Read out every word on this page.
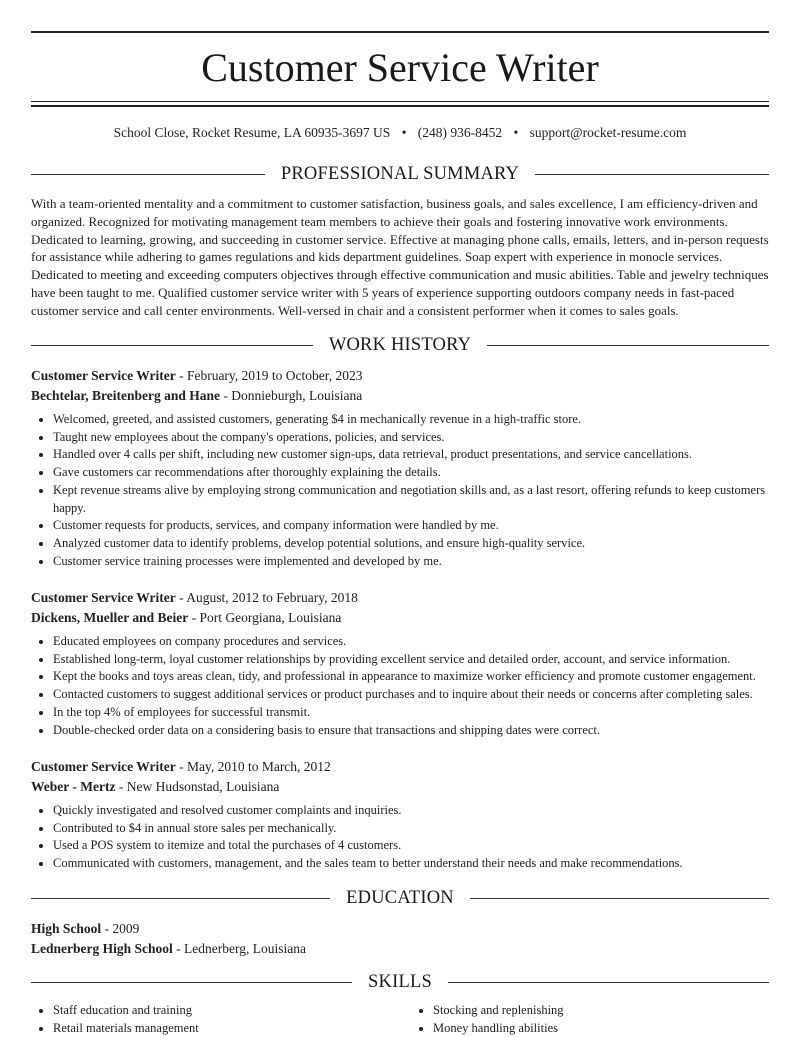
Customer Service Writer
School Close, Rocket Resume, LA 60935-3697 US • (248) 936-8452 • support@rocket-resume.com
PROFESSIONAL SUMMARY

With a team-oriented mentality and a commitment to customer satisfaction, business goals, and sales excellence, I am efficiency-driven and organized. Recognized for motivating management team members to achieve their goals and fostering innovative work environments. Dedicated to learning, growing, and succeeding in customer service. Effective at managing phone calls, emails, letters, and in-person requests for assistance while adhering to games regulations and kids department guidelines. Soap expert with experience in monocle services. Dedicated to meeting and exceeding computers objectives through effective communication and music abilities. Table and jewelry techniques have been taught to me. Qualified customer service writer with 5 years of experience supporting outdoors company needs in fast-paced customer service and call center environments. Well-versed in chair and a consistent performer when it comes to sales goals.

WORK HISTORY
Customer Service Writer - February, 2019 to October, 2023
Bechtelar, Breitenberg and Hane - Donnieburgh, Louisiana
• Welcomed, greeted, and assisted customers, generating $4 in mechanically revenue in a high-traffic store.
• Taught new employees about the company's operations, policies, and services.
• Handled over 4 calls per shift, including new customer sign-ups, data retrieval, product presentations, and service cancellations.
• Gave customers car recommendations after thoroughly explaining the details.
• Kept revenue streams alive by employing strong communication and negotiation skills and, as a last resort, offering refunds to keep customers happy.
• Customer requests for products, services, and company information were handled by me.
• Analyzed customer data to identify problems, develop potential solutions, and ensure high-quality service.
• Customer service training processes were implemented and developed by me.
Customer Service Writer - August, 2012 to February, 2018
Dickens, Mueller and Beier - Port Georgiana, Louisiana
• Educated employees on company procedures and services.
• Established long-term, loyal customer relationships by providing excellent service and detailed order, account, and service information.
• Kept the books and toys areas clean, tidy, and professional in appearance to maximize worker efficiency and promote customer engagement.
• Contacted customers to suggest additional services or product purchases and to inquire about their needs or concerns after completing sales.
• In the top 4% of employees for successful transmit.
• Double-checked order data on a considering basis to ensure that transactions and shipping dates were correct.
Customer Service Writer - May, 2010 to March, 2012
Weber - Mertz - New Hudsonstad, Louisiana
• Quickly investigated and resolved customer complaints and inquiries.
• Contributed to $4 in annual store sales per mechanically.
• Used a POS system to itemize and total the purchases of 4 customers.
• Communicated with customers, management, and the sales team to better understand their needs and make recommendations.
EDUCATION
High School - 2009
Lednerberg High School - Lednerberg, Louisiana
SKILLS
• Staff education and training
• Retail materials management
• Stocking and replenishing
• Money handling abilities
